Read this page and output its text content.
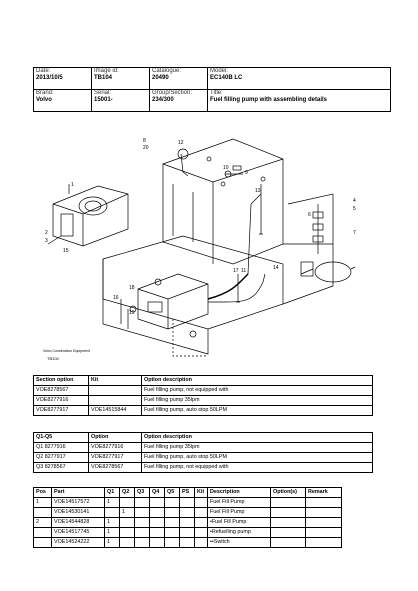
Date:
2013/10/5	Image id:
TB104	Catalogue:
20490	Model:
EC140B LC

Brand:
Volvo	Serial:
15001-	Group/Section:
234/300	Title:
Fuel filling pump with assembling details
1
8
20
12
10
9
13
14
17 11
18
19
16
2
3
15
4
5
6
7
Volvo Construction Equipment
TB104
Section option	Kit	Option description
VOE8278567		Fuel filling pump, not equipped with
VOE8277916		Fuel filling pump 35lpm
VOE8277917	VOE14515844	Fuel filling pump, auto stop 50LPM
Q1-Q5	Option	Option description
Q1 8277916	VOE8277916	Fuel filling pump 35lpm
Q2 8277917	VOE8277917	Fuel filling pump, auto stop 50LPM
Q3 8278567	VOE8278567	Fuel filling pump, not equipped with
Pos	Part	Q1	Q2	Q3	Q4	Q5	PS	Kit	Description	Option(s)	Remark
1	VOE14517572	1							Fuel Fill Pump		
	VOE14530141		1						Fuel Fill Pump		
2	VOE14544828	1							•Fuel Fill Pump		
	VOE14517745	1							•Refuelling pump		
	VOE14524222	1							••Switch		
